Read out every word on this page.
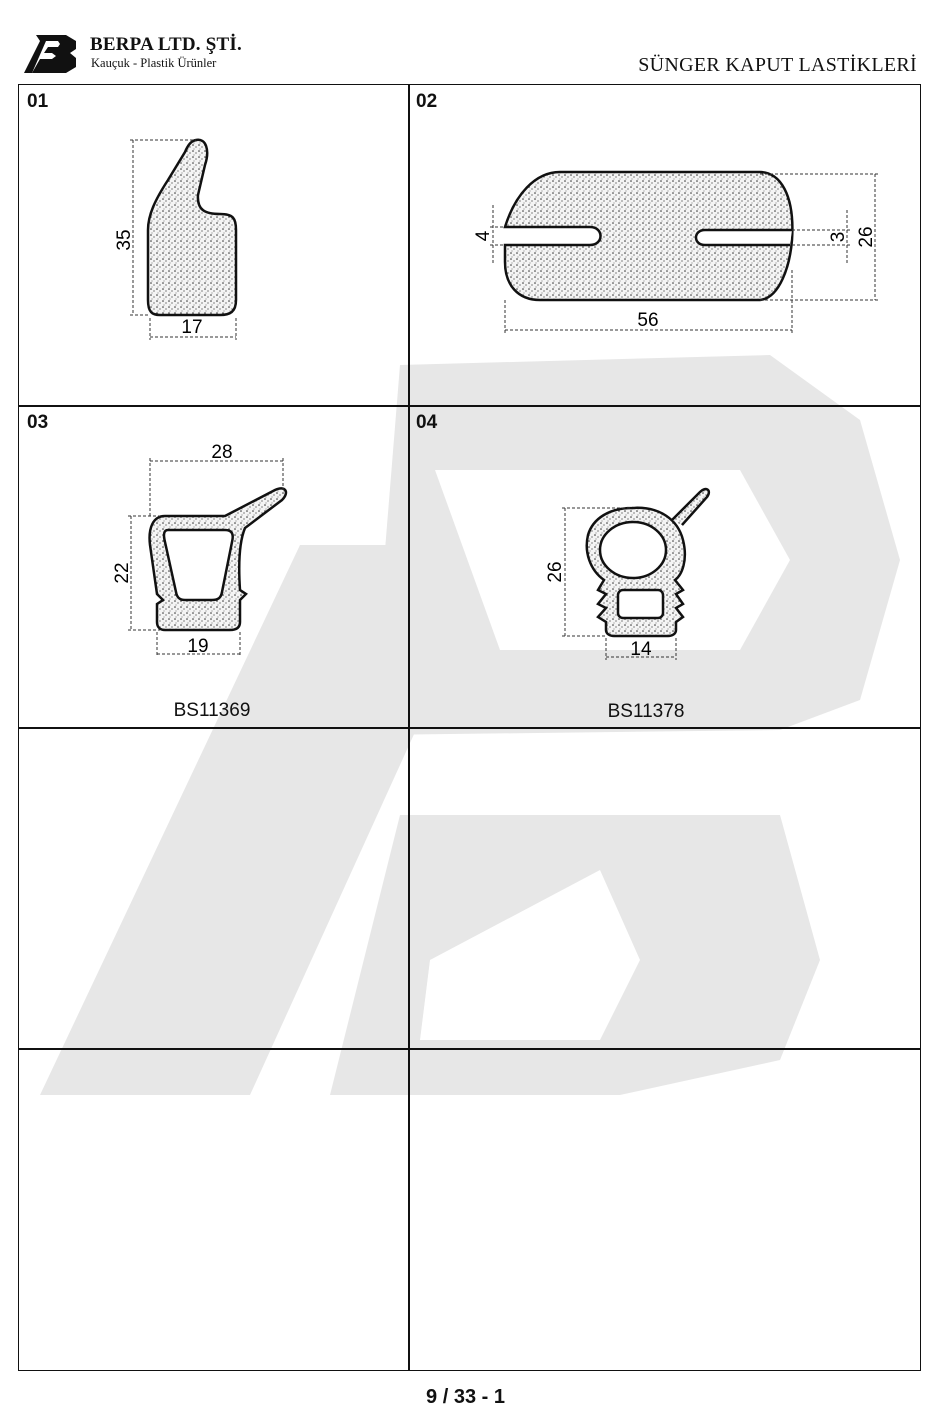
BERPA LTD. ŞTİ.
Kauçuk - Plastik Ürünler	SÜNGER KAPUT LASTİKLERİ
01	02
03	04
BS11369	BS11378
35
17
4	3 26
56
28
22
19
26
14
9 / 33 - 1
